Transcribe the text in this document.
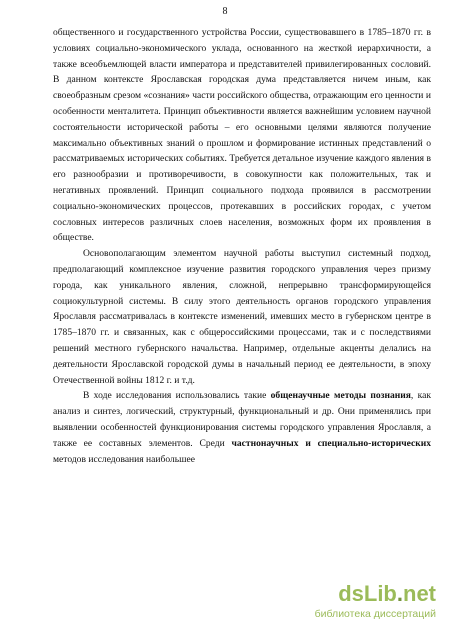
8

общественного и государственного устройства России, существовавшего в 1785–1870 гг. в условиях социально-экономического уклада, основанного на жесткой иерархичности, а также всеобъемлющей власти императора и представителей привилегированных сословий. В данном контексте Ярославская городская дума представляется ничем иным, как своеобразным срезом «сознания» части российского общества, отражающим его ценности и особенности менталитета. Принцип объективности является важнейшим условием научной состоятельности исторической работы – его основными целями являются получение максимально объективных знаний о прошлом и формирование истинных представлений о рассматриваемых исторических событиях. Требуется детальное изучение каждого явления в его разнообразии и противоречивости, в совокупности как положительных, так и негативных проявлений. Принцип социального подхода проявился в рассмотрении социально-экономических процессов, протекавших в российских городах, с учетом сословных интересов различных слоев населения, возможных форм их проявления в обществе.

Основополагающим элементом научной работы выступил системный подход, предполагающий комплексное изучение развития городского управления через призму города, как уникального явления, сложной, непрерывно трансформирующейся социокультурной системы. В силу этого деятельность органов городского управления Ярославля рассматривалась в контексте изменений, имевших место в губернском центре в 1785–1870 гг. и связанных, как с общероссийскими процессами, так и с последствиями решений местного губернского начальства. Например, отдельные акценты делались на деятельности Ярославской городской думы в начальный период ее деятельности, в эпоху Отечественной войны 1812 г. и т.д.

В ходе исследования использовались такие общенаучные методы познания, как анализ и синтез, логический, структурный, функциональный и др. Они применялись при выявлении особенностей функционирования системы городского управления Ярославля, а также ее составных элементов. Среди частнонаучных и специально-исторических методов исследования наибольшее

dsLib.net
библиотека диссертаций
